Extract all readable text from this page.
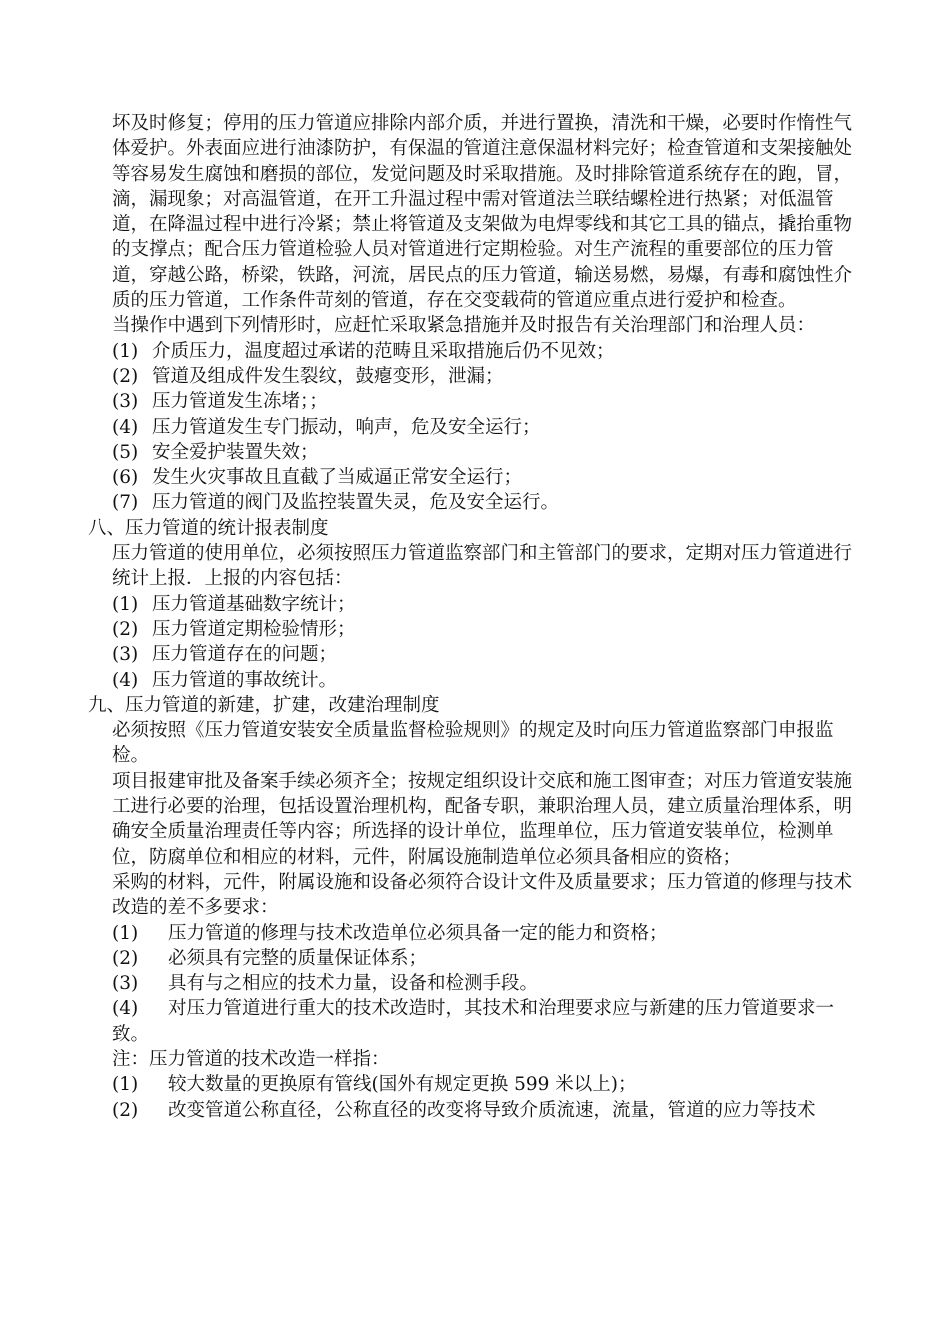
坏及时修复；停用的压力管道应排除内部介质，并进行置换，清洗和干燥，必要时作惰性气体爱护。外表面应进行油漆防护，有保温的管道注意保温材料完好；检查管道和支架接触处等容易发生腐蚀和磨损的部位，发觉问题及时采取措施。及时排除管道系统存在的跑，冒，滴，漏现象；对高温管道，在开工升温过程中需对管道法兰联结螺栓进行热紧；对低温管道，在降温过程中进行冷紧；禁止将管道及支架做为电焊零线和其它工具的锚点，撬抬重物的支撑点；配合压力管道检验人员对管道进行定期检验。对生产流程的重要部位的压力管道，穿越公路，桥梁，铁路，河流，居民点的压力管道，输送易燃，易爆，有毒和腐蚀性介质的压力管道，工作条件苛刻的管道，存在交变载荷的管道应重点进行爱护和检查。

当操作中遇到下列情形时，应赶忙采取紧急措施并及时报告有关治理部门和治理人员：

(1) 介质压力，温度超过承诺的范畴且采取措施后仍不见效；
(2) 管道及组成件发生裂纹，鼓瘪变形，泄漏；
(3) 压力管道发生冻堵；；
(4) 压力管道发生专门振动，响声，危及安全运行；
(5) 安全爱护装置失效；
(6) 发生火灾事故且直截了当威逼正常安全运行；
(7) 压力管道的阀门及监控装置失灵，危及安全运行。

八、压力管道的统计报表制度

压力管道的使用单位，必须按照压力管道监察部门和主管部门的要求，定期对压力管道进行统计上报．上报的内容包括：

(1) 压力管道基础数字统计；
(2) 压力管道定期检验情形；
(3) 压力管道存在的问题；
(4) 压力管道的事故统计。

九、压力管道的新建，扩建，改建治理制度

必须按照《压力管道安装安全质量监督检验规则》的规定及时向压力管道监察部门申报监检。

项目报建审批及备案手续必须齐全；按规定组织设计交底和施工图审查；对压力管道安装施工进行必要的治理，包括设置治理机构，配备专职，兼职治理人员，建立质量治理体系，明确安全质量治理责任等内容；所选择的设计单位，监理单位，压力管道安装单位，检测单位，防腐单位和相应的材料，元件，附属设施制造单位必须具备相应的资格；

采购的材料，元件，附属设施和设备必须符合设计文件及质量要求；压力管道的修理与技术改造的差不多要求：

(1)	压力管道的修理与技术改造单位必须具备一定的能力和资格；
(2)	必须具有完整的质量保证体系；
(3)	具有与之相应的技术力量，设备和检测手段。
(4) 对压力管道进行重大的技术改造时，其技术和治理要求应与新建的压力管道要求一致。

注：压力管道的技术改造一样指：

(1)	较大数量的更换原有管线(国外有规定更换 599 米以上)；
(2)	改变管道公称直径，公称直径的改变将导致介质流速，流量，管道的应力等技术
